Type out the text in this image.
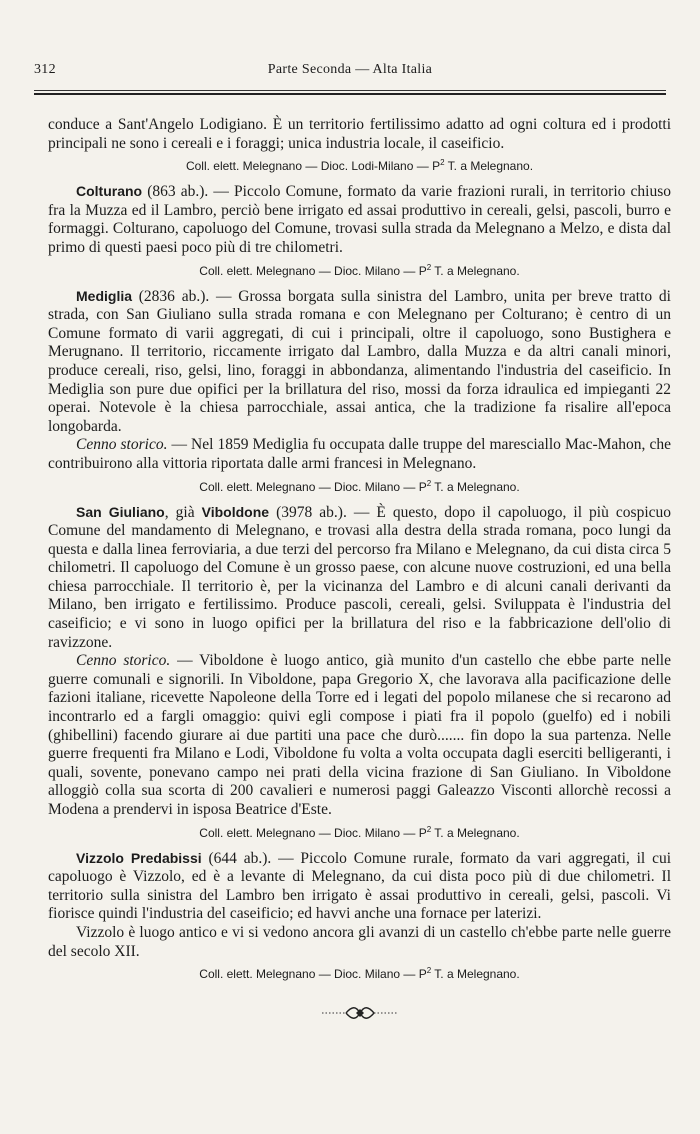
312	Parte Seconda — Alta Italia

conduce a Sant'Angelo Lodigiano. È un territorio fertilissimo adatto ad ogni coltura ed i prodotti principali ne sono i cereali e i foraggi; unica industria locale, il caseificio.

Coll. elett. Melegnano — Dioc. Lodi-Milano — $P^2$ T. a Melegnano.

Colturano (863 ab.). — Piccolo Comune, formato da varie frazioni rurali, in territorio chiuso fra la Muzza ed il Lambro, perciò bene irrigato ed assai produttivo in cereali, gelsi, pascoli, burro e formaggi. Colturano, capoluogo del Comune, trovasi sulla strada da Melegnano a Melzo, e dista dal primo di questi paesi poco più di tre chilometri.

Coll. elett. Melegnano — Dioc. Milano — $P^2$ T. a Melegnano.

Mediglia (2836 ab.). — Grossa borgata sulla sinistra del Lambro, unita per breve tratto di strada, con San Giuliano sulla strada romana e con Melegnano per Colturano; è centro di un Comune formato di varii aggregati, di cui i principali, oltre il capoluogo, sono Bustighera e Merugnano. Il territorio, riccamente irrigato dal Lambro, dalla Muzza e da altri canali minori, produce cereali, riso, gelsi, lino, foraggi in abbondanza, alimentando l'industria del caseificio. In Mediglia son pure due opifici per la brillatura del riso, mossi da forza idraulica ed impieganti 22 operai. Notevole è la chiesa parrocchiale, assai antica, che la tradizione fa risalire all'epoca longobarda.

Cenno storico. — Nel 1859 Mediglia fu occupata dalle truppe del maresciallo Mac-Mahon, che contribuirono alla vittoria riportata dalle armi francesi in Melegnano.

Coll. elett. Melegnano — Dioc. Milano — $P^2$ T. a Melegnano.

San Giuliano, già Viboldone (3978 ab.). — È questo, dopo il capoluogo, il più cospicuo Comune del mandamento di Melegnano, e trovasi alla destra della strada romana, poco lungi da questa e dalla linea ferroviaria, a due terzi del percorso fra Milano e Melegnano, da cui dista circa 5 chilometri. Il capoluogo del Comune è un grosso paese, con alcune nuove costruzioni, ed una bella chiesa parrocchiale. Il territorio è, per la vicinanza del Lambro e di alcuni canali derivanti da Milano, ben irrigato e fertilissimo. Produce pascoli, cereali, gelsi. Sviluppata è l'industria del caseificio; e vi sono in luogo opifici per la brillatura del riso e la fabbricazione dell'olio di ravizzone.

Cenno storico. — Viboldone è luogo antico, già munito d'un castello che ebbe parte nelle guerre comunali e signorili. In Viboldone, papa Gregorio X, che lavorava alla pacificazione delle fazioni italiane, ricevette Napoleone della Torre ed i legati del popolo milanese che si recarono ad incontrarlo ed a fargli omaggio: quivi egli compose i piati fra il popolo (guelfo) ed i nobili (ghibellini) facendo giurare ai due partiti una pace che durò....... fin dopo la sua partenza. Nelle guerre frequenti fra Milano e Lodi, Viboldone fu volta a volta occupata dagli eserciti belligeranti, i quali, sovente, ponevano campo nei prati della vicina frazione di San Giuliano. In Viboldone alloggiò colla sua scorta di 200 cavalieri e numerosi paggi Galeazzo Visconti allorchè recossi a Modena a prendervi in isposa Beatrice d'Este.

Coll. elett. Melegnano — Dioc. Milano — $P^2$ T. a Melegnano.

Vizzolo Predabissi (644 ab.). — Piccolo Comune rurale, formato da vari aggregati, il cui capoluogo è Vizzolo, ed è a levante di Melegnano, da cui dista poco più di due chilometri. Il territorio sulla sinistra del Lambro ben irrigato è assai produttivo in cereali, gelsi, pascoli. Vi fiorisce quindi l'industria del caseificio; ed havvi anche una fornace per laterizi.

Vizzolo è luogo antico e vi si vedono ancora gli avanzi di un castello ch'ebbe parte nelle guerre del secolo XII.

Coll. elett. Melegnano — Dioc. Milano — $P^2$ T. a Melegnano.
